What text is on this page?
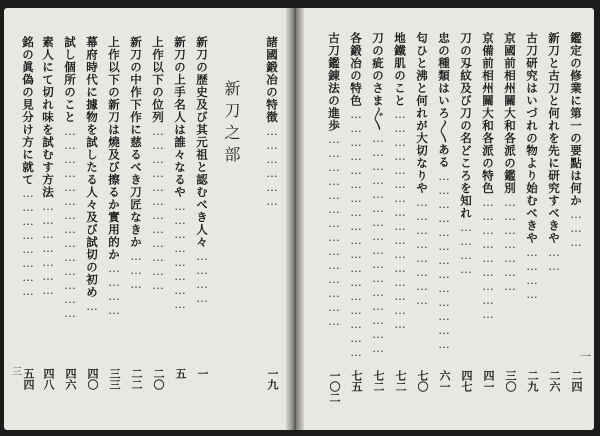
新刀之部
三
一
諸國鍛冶の特徴………………
一九
新刀の歴史及び其元祖と認むべき人々…………
一
新刀の上手名人は誰々なるや……………………
五
上作以下の位列………………………………
二〇
新刀の中作下作に慈るべき刀匠なきか………
二二
上作以下の新刀は燒及び擦るか實用的か…………
三三
幕府時代に據物を試したる人々及び試切の初め…
四〇
試し個所のこと……………………………………
四六
素人にて切れ味を試むす方法…………………
四八
銘の眞偽の見分け方に就て……………………
五四
鑑定の修業に第一の要點は何か………
二四
新刀と古刀と何れを先に研究すべきや……
二六
古刀研究はいづれの物より始むべきや…………
二九
京國前相州關大和各派の鑑別…………………
三〇
京備前相州關大和各派の特色………………………
四一
刀の刄紋及び刀の名どころを知れ…………
四七
忠の種類はいろ〳〵ある…………………………………
六一
匂ひと沸と何れが大切なりや……………………
七〇
地鐵肌のこと…………………………………………
七二
刀の疵のさま〴〵…………………………………………
七二
各鍛冶の特色………………………………………………
七五
古刀鑑錬法の進歩……………………………………
一〇二
